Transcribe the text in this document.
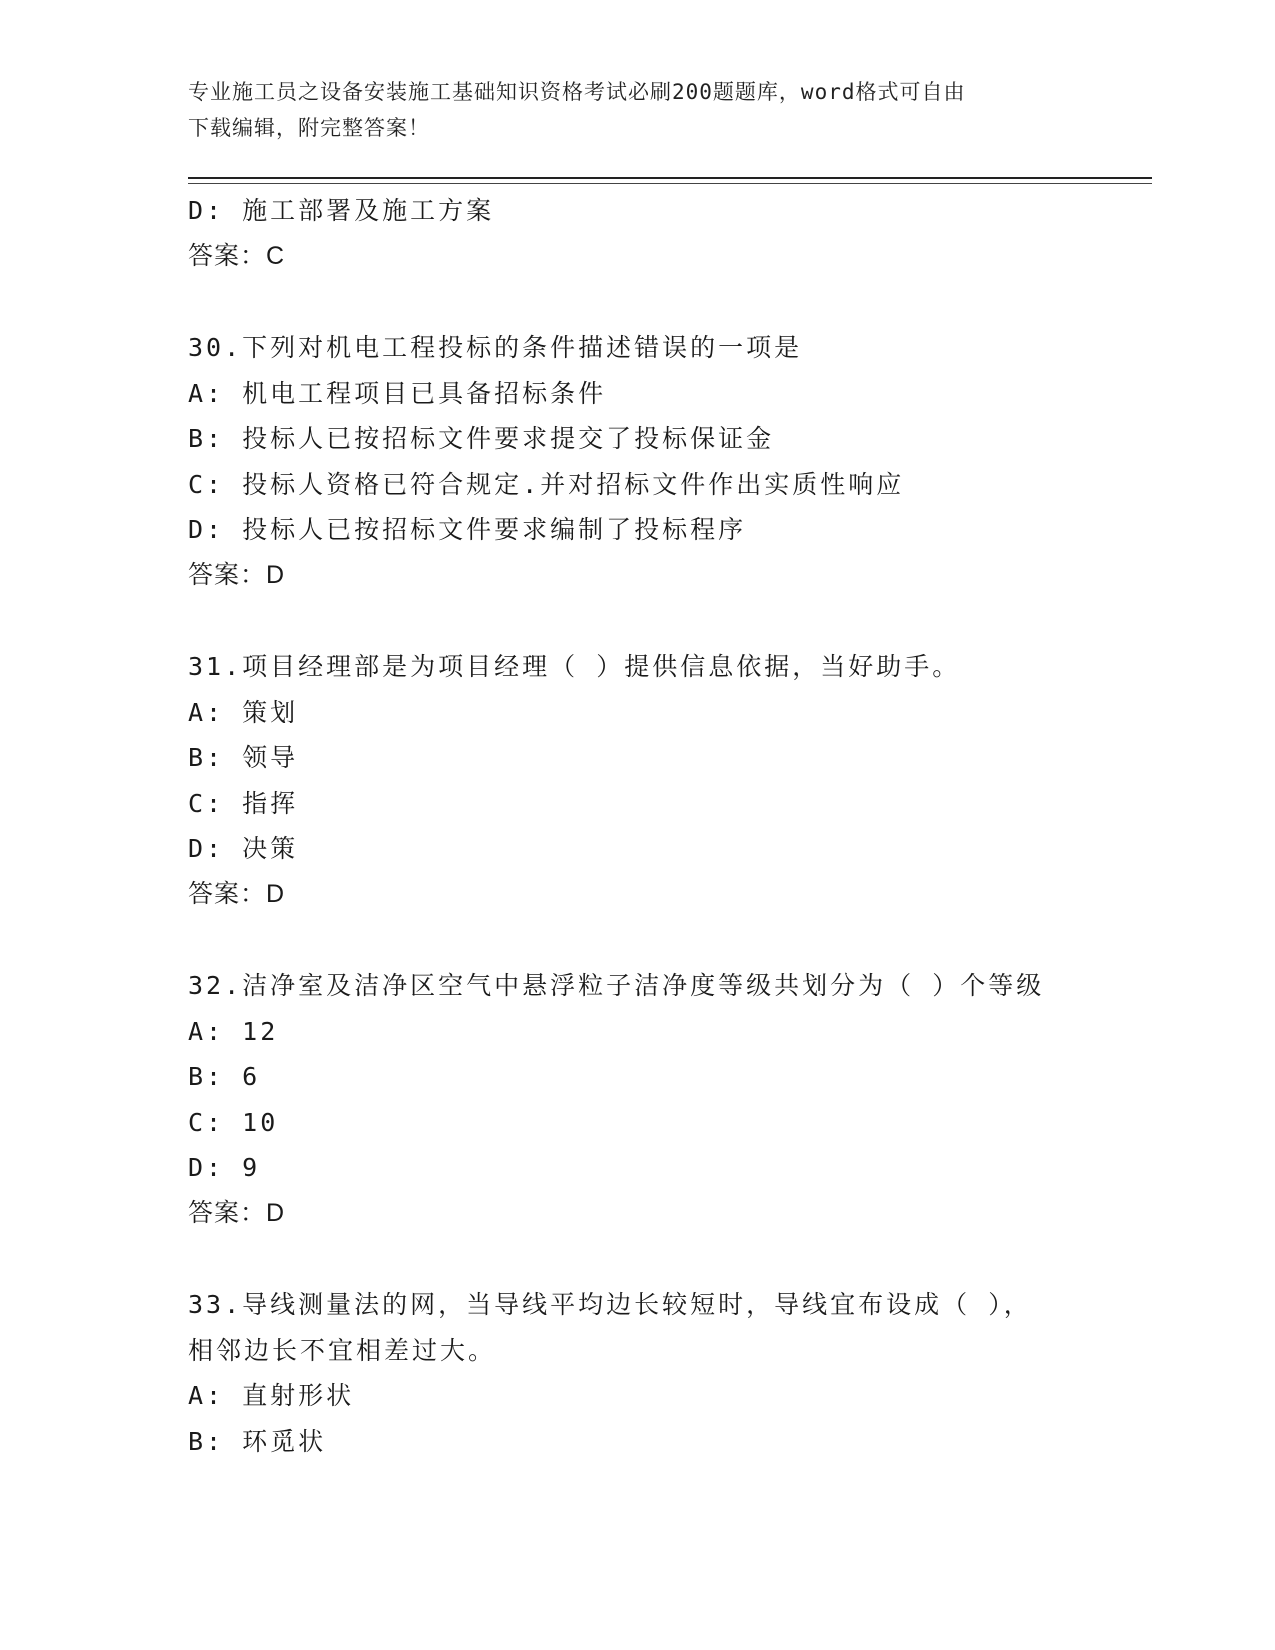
专业施工员之设备安装施工基础知识资格考试必刷200题题库，word格式可自由
下载编辑，附完整答案！
D: 施工部署及施工方案
答案：C
30.下列对机电工程投标的条件描述错误的一项是
A: 机电工程项目已具备招标条件
B: 投标人已按招标文件要求提交了投标保证金
C: 投标人资格已符合规定.并对招标文件作出实质性响应
D: 投标人已按招标文件要求编制了投标程序
答案：D
31.项目经理部是为项目经理（ ）提供信息依据，当好助手。
A: 策划
B: 领导
C: 指挥
D: 决策
答案：D
32.洁净室及洁净区空气中悬浮粒子洁净度等级共划分为（ ）个等级
A: 12
B: 6
C: 10
D: 9
答案：D
33.导线测量法的网，当导线平均边长较短时，导线宜布设成（ ），
相邻边长不宜相差过大。
A: 直射形状
B: 环觅状
